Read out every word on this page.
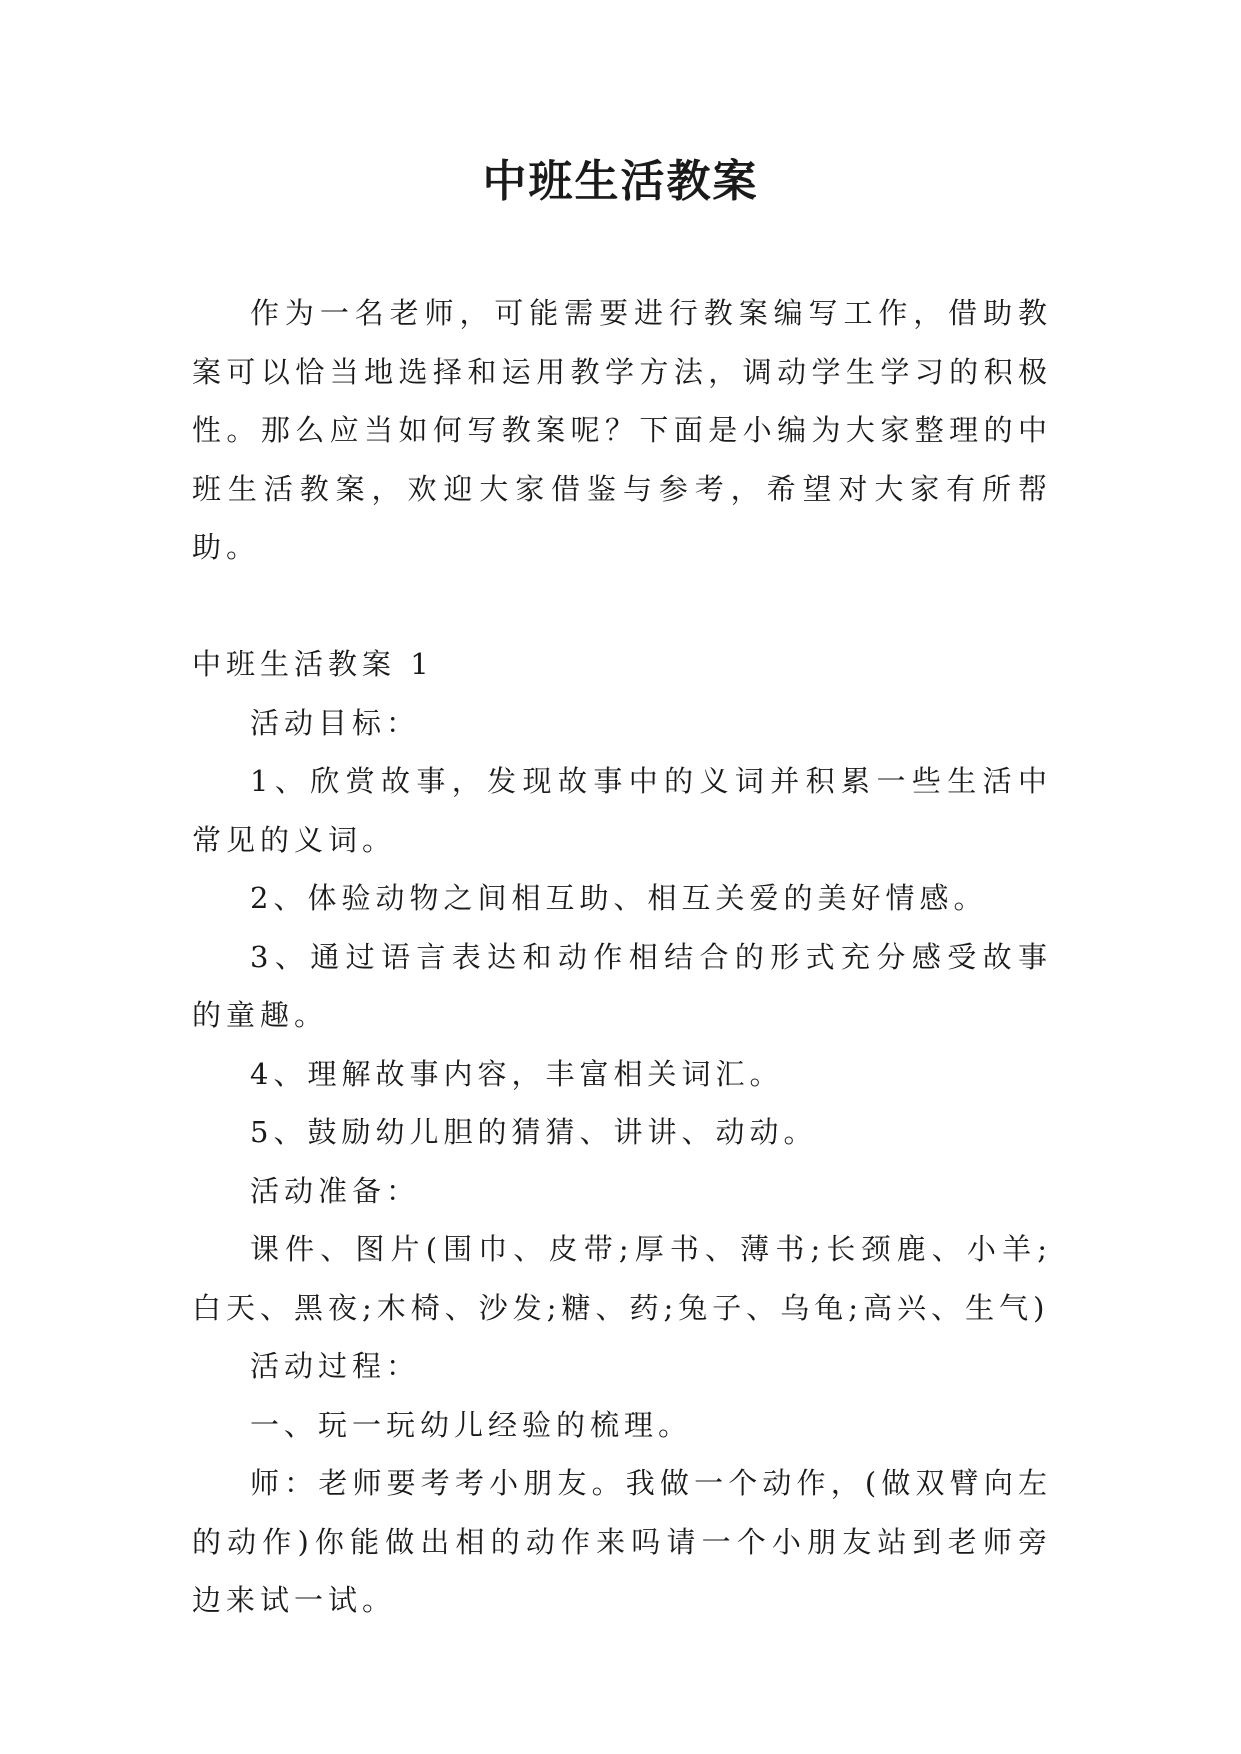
中班生活教案

作为一名老师，可能需要进行教案编写工作，借助教案可以恰当地选择和运用教学方法，调动学生学习的积极性。那么应当如何写教案呢？下面是小编为大家整理的中班生活教案，欢迎大家借鉴与参考，希望对大家有所帮助。

中班生活教案 1

活动目标：

1、欣赏故事，发现故事中的义词并积累一些生活中常见的义词。

2、体验动物之间相互助、相互关爱的美好情感。

3、通过语言表达和动作相结合的形式充分感受故事的童趣。

4、理解故事内容，丰富相关词汇。

5、鼓励幼儿胆的猜猜、讲讲、动动。

活动准备：

课件、图片(围巾、皮带;厚书、薄书;长颈鹿、小羊;白天、黑夜;木椅、沙发;糖、药;兔子、乌龟;高兴、生气)

活动过程：

一、玩一玩幼儿经验的梳理。

师：老师要考考小朋友。我做一个动作，(做双臂向左的动作)你能做出相的动作来吗请一个小朋友站到老师旁边来试一试。
